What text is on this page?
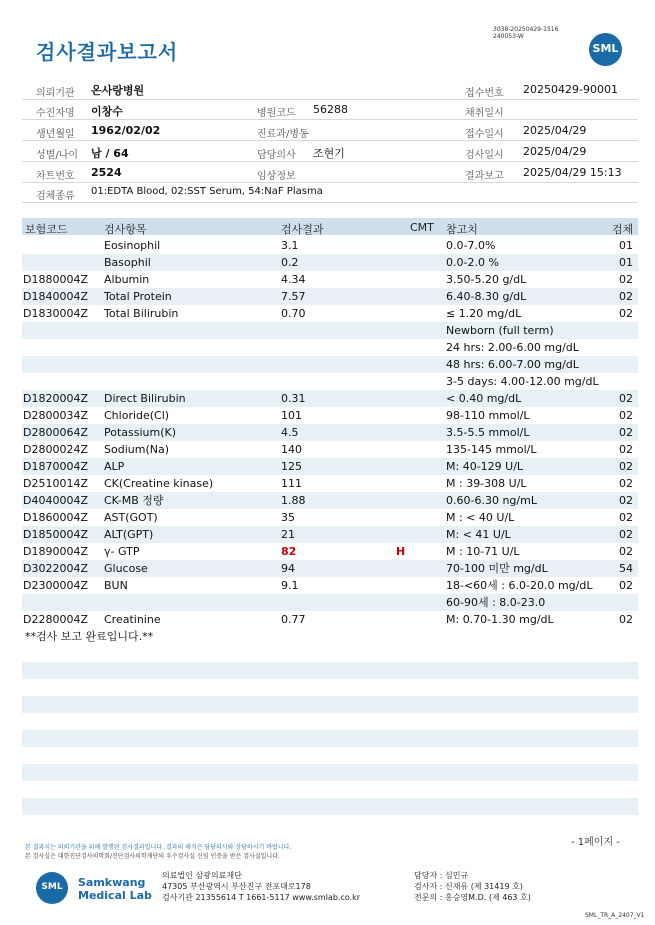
검사결과보고서
3038-20250429-1516
240053-W
SML
의뢰기관 온사랑병원	접수번호 20250429-90001
수진자명 이창수	병원코드 56288	채취일시
생년월일 1962/02/02	진료과/병동	접수일시 2025/04/29
성별/나이 남 / 64	담당의사 조현기	검사일시 2025/04/29
차트번호 2524	임상정보	결과보고 2025/04/29 15:13
검체종류 01:EDTA Blood, 02:SST Serum, 54:NaF Plasma
보험코드	검사항목	검사결과	CMT 참고치	검체
Eosinophil	3.1	0.0-7.0%	01
Basophil	0.2	0.0-2.0 %	01
D1880004Z Albumin	4.34	3.50-5.20 g/dL	02
D1840004Z Total Protein	7.57	6.40-8.30 g/dL	02
D1830004Z Total Bilirubin	0.70	≤ 1.20 mg/dL	02
Newborn (full term)
24 hrs: 2.00-6.00 mg/dL
48 hrs: 6.00-7.00 mg/dL
3-5 days: 4.00-12.00 mg/dL
D1820004Z Direct Bilirubin	0.31	< 0.40 mg/dL	02
D2800034Z Chloride(Cl)	101	98-110 mmol/L	02
D2800064Z Potassium(K)	4.5	3.5-5.5 mmol/L	02
D2800024Z Sodium(Na)	140	135-145 mmol/L	02
D1870004Z ALP	125	M: 40-129 U/L	02
D2510014Z CK(Creatine kinase)	111	M : 39-308 U/L	02
D4040004Z CK-MB 정량	1.88	0.60-6.30 ng/mL	02
D1860004Z AST(GOT)	35	M : < 40 U/L	02
D1850004Z ALT(GPT)	21	M: < 41 U/L	02
D1890004Z γ- GTP	82	H	M : 10-71 U/L	02
D3022004Z Glucose	94	70-100 미만 mg/dL	54
D2300004Z BUN	9.1	18-<60세 : 6.0-20.0 mg/dL 02
60-90세 : 8.0-23.0
D2280004Z Creatinine	0.77	M: 0.70-1.30 mg/dL	02
**검사 보고 완료입니다.**
- 1페이지 -
본 결과지는 의뢰기관을 위해 발행된 검사결과입니다. 결과의 해석은 담당의사와 상담하시기 바랍니다.
본 검사실은 대한진단검사의학회/진단검사의학재단의 우수검사실 신임 인증을 받은 검사실입니다.
SML	Samkwang
Medical Lab
의료법인 삼광의료재단
47305 부산광역시 부산진구 전포대로178
검사기관 21355614 T 1661-5117 www.smlab.co.kr
담당자 : 심민규
검사자 : 신재유 (제 31419 호)
전문의 : 홍승영M.D. (제 463 호)
SML_TR_A_2407_V1
